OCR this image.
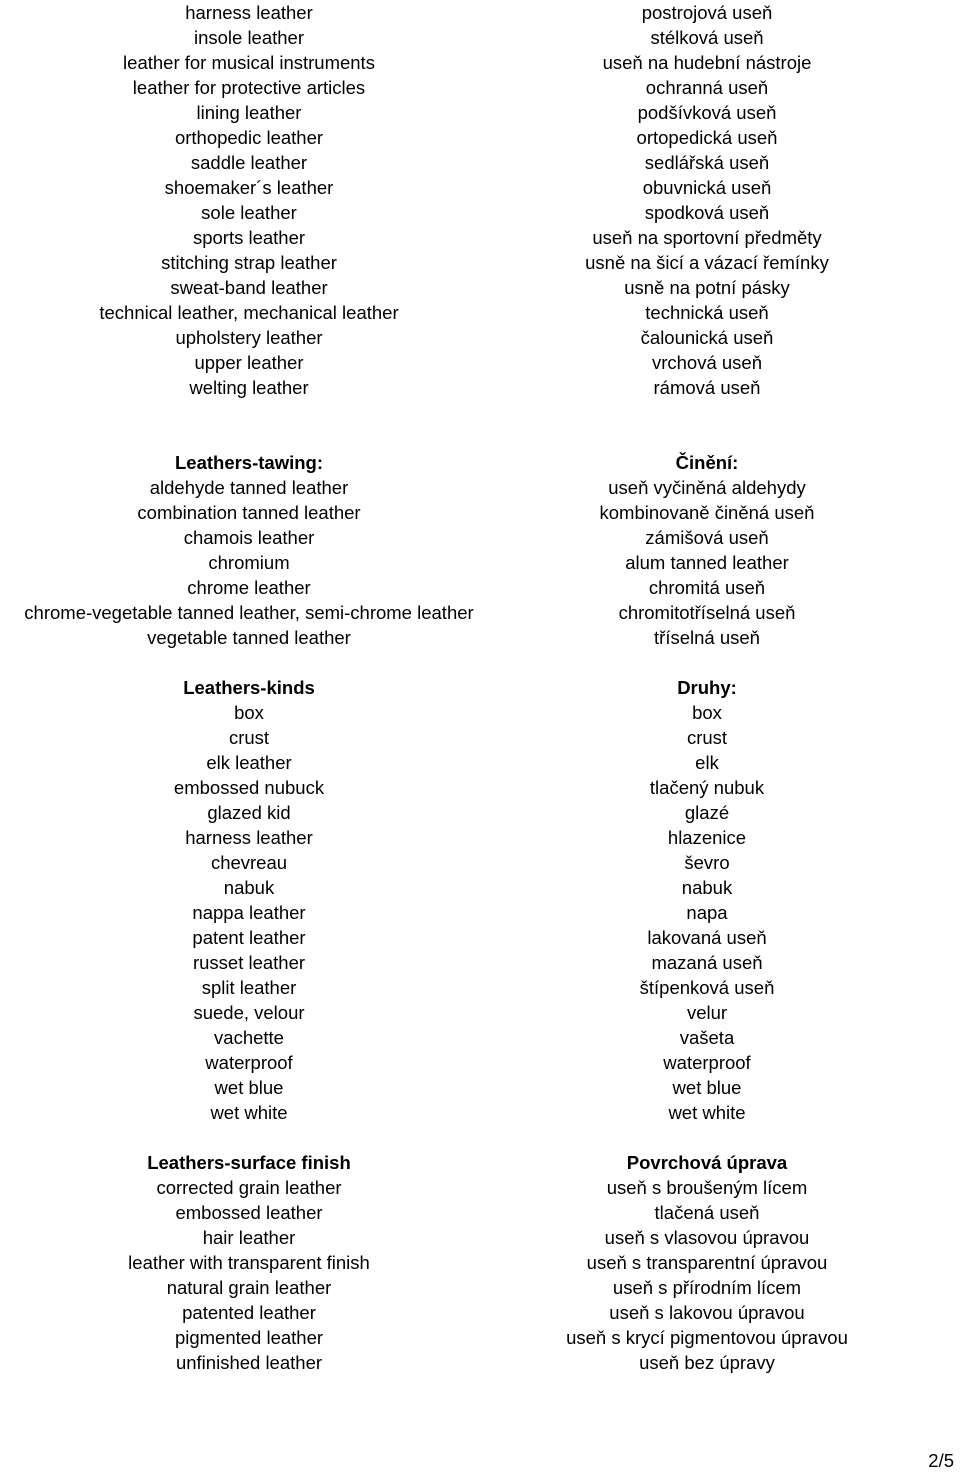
harness leather
insole leather
leather for musical instruments
leather for protective articles
lining leather
orthopedic leather
saddle leather
shoemaker´s leather
sole leather
sports leather
stitching strap leather
sweat-band leather
technical leather, mechanical leather
upholstery leather
upper leather
welting leather
Leathers-tawing:
aldehyde tanned leather
combination tanned leather
chamois leather
chromium
chrome leather
chrome-vegetable tanned leather, semi-chrome leather
vegetable tanned leather
Leathers-kinds
box
crust
elk leather
embossed nubuck
glazed kid
harness leather
chevreau
nabuk
nappa leather
patent leather
russet leather
split leather
suede, velour
vachette
waterproof
wet blue
wet white
Leathers-surface finish
corrected grain leather
embossed leather
hair leather
leather with transparent finish
natural grain leather
patented leather
pigmented leather
unfinished leather
postrojová useň
stélková useň
useň na hudební nástroje
ochranná useň
podšívková useň
ortopedická useň
sedlářská useň
obuvnická useň
spodková useň
useň na sportovní předměty
usně na šicí a vázací řemínky
usně na potní pásky
technická useň
čalounická useň
vrchová useň
rámová useň
Činění:
useň vyčiněná aldehydy
kombinovaně činěná useň
zámišová useň
alum tanned leather
chromitá useň
chromitotříselná useň
tříselná useň
Druhy:
box
crust
elk
tlačený nubuk
glazé
hlazenice
ševro
nabuk
napa
lakovaná useň
mazaná useň
štípenková useň
velur
vašeta
waterproof
wet blue
wet white
Povrchová úprava
useň s broušeným lícem
tlačená useň
useň s vlasovou úpravou
useň s transparentní úpravou
useň s přírodním lícem
useň s lakovou úpravou
useň s krycí pigmentovou úpravou
useň bez úpravy
2/5
